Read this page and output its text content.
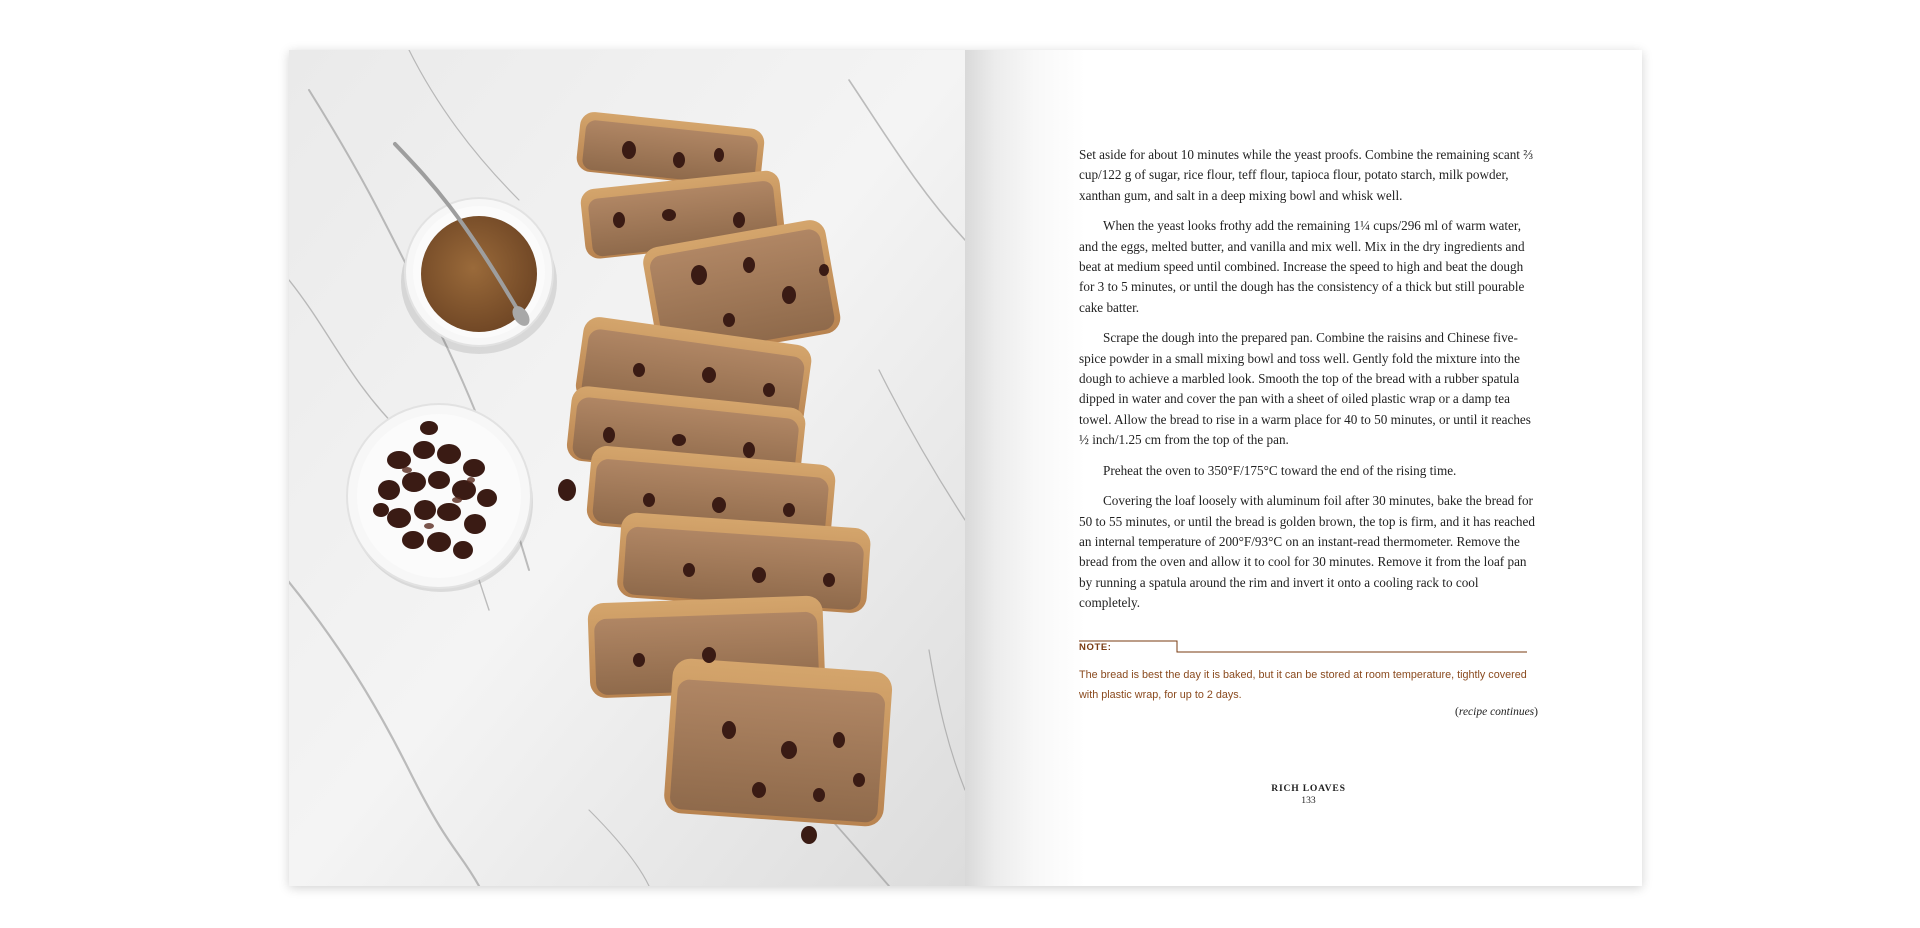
Set aside for about 10 minutes while the yeast proofs. Combine the remaining scant ⅔ cup/122 g of sugar, rice flour, teff flour, tapioca flour, potato starch, milk powder, xanthan gum, and salt in a deep mixing bowl and whisk well.

When the yeast looks frothy add the remaining 1¼ cups/296 ml of warm water, and the eggs, melted butter, and vanilla and mix well. Mix in the dry ingredients and beat at medium speed until combined. Increase the speed to high and beat the dough for 3 to 5 minutes, or until the dough has the consistency of a thick but still pourable cake batter.

Scrape the dough into the prepared pan. Combine the raisins and Chinese five-spice powder in a small mixing bowl and toss well. Gently fold the mixture into the dough to achieve a marbled look. Smooth the top of the bread with a rubber spatula dipped in water and cover the pan with a sheet of oiled plastic wrap or a damp tea towel. Allow the bread to rise in a warm place for 40 to 50 minutes, or until it reaches ½ inch/1.25 cm from the top of the pan.

Preheat the oven to 350°F/175°C toward the end of the rising time.

Covering the loaf loosely with aluminum foil after 30 minutes, bake the bread for 50 to 55 minutes, or until the bread is golden brown, the top is firm, and it has reached an internal temperature of 200°F/93°C on an instant-read thermometer. Remove the bread from the oven and allow it to cool for 30 minutes. Remove it from the loaf pan by running a spatula around the rim and invert it onto a cooling rack to cool completely.

NOTE:
The bread is best the day it is baked, but it can be stored at room temperature, tightly covered with plastic wrap, for up to 2 days.
(recipe continues)
RICH LOAVES
133
